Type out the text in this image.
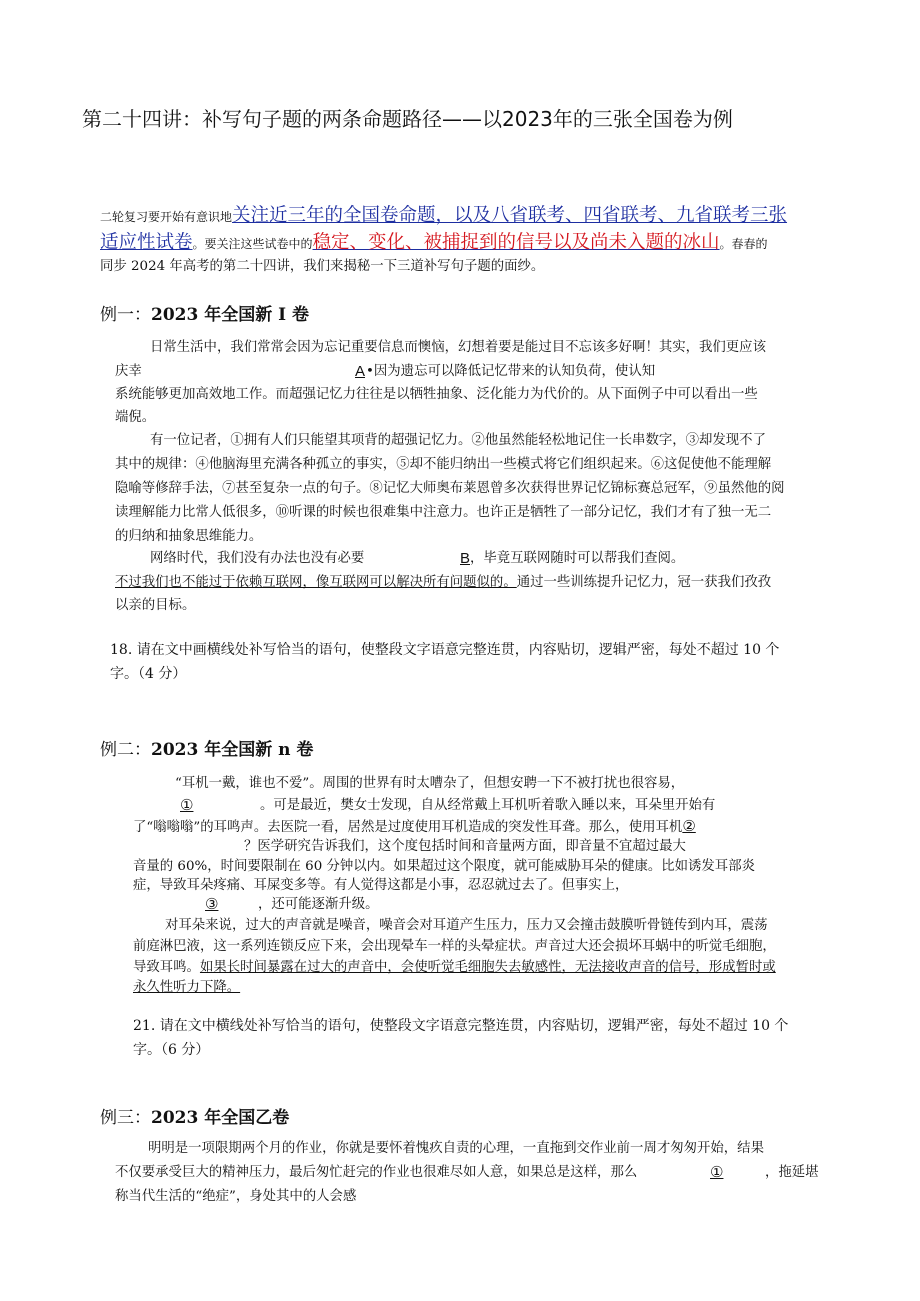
第二十四讲：补写句子题的两条命题路径——以2023年的三张全国卷为例
二轮复习要开始有意识地关注近三年的全国卷命题，以及八省联考、四省联考、九省联考三张
适应性试卷。要关注这些试卷中的稳定、变化、被捕捉到的信号以及尚未入题的冰山。春春的
同步 2024 年高考的第二十四讲，我们来揭秘一下三道补写句子题的面纱。
例一：2023 年全国新 I 卷
日常生活中，我们常常会因为忘记重要信息而懊恼，幻想着要是能过目不忘该多好啊！其实，我们更应该
庆幸	A •因为遗忘可以降低记忆带来的认知负荷，使认知
系统能够更加高效地工作。而超强记忆力往往是以牺牲抽象、泛化能力为代价的。从下面例子中可以看出一些
端倪。
有一位记者，①拥有人们只能望其项背的超强记忆力。②他虽然能轻松地记住一长串数字，③却发现不了
其中的规律：④他脑海里充满各种孤立的事实，⑤却不能归纳出一些模式将它们组织起来。⑥这促使他不能理解
隐喻等修辞手法，⑦甚至复杂一点的句子。⑧记忆大师奥布莱恩曾多次获得世界记忆锦标赛总冠军，⑨虽然他的阅
读理解能力比常人低很多，⑩听课的时候也很难集中注意力。也许正是牺牲了一部分记忆，我们才有了独一无二
的归纳和抽象思维能力。
网络时代，我们没有办法也没有必要	B ，毕竟互联网随时可以帮我们查阅。
不过我们也不能过于依赖互联网，像互联网可以解决所有问题似的。通过一些训练提升记忆力，冠一获我们孜孜
以亲的目标。
18. 请在文中画横线处补写恰当的语句，使整段文字语意完整连贯，内容贴切，逻辑严密，每处不超过 10 个
字。（4 分）
例二：2023 年全国新 n 卷
“耳机一戴，谁也不爱”。周围的世界有时太嘈杂了，但想安聘一下不被打扰也很容易，
①	。可是最近，樊女士发现，自从经常戴上耳机听着歌入睡以来，耳朵里开始有
了“嗡嗡嗡”的耳鸣声。去医院一看，居然是过度使用耳机造成的突发性耳聋。那么，使用耳机②
？医学研究告诉我们，这个度包括时间和音量两方面，即音量不宜超过最大
音量的 60%，时间要限制在 60 分钟以内。如果超过这个限度，就可能威胁耳朵的健康。比如诱发耳部炎
症，导致耳朵疼痛、耳屎变多等。有人觉得这都是小事，忍忍就过去了。但事实上，
③	，还可能逐渐升级。
对耳朵来说，过大的声音就是噪音，噪音会对耳道产生压力，压力又会撞击鼓膜听骨链传到内耳，震荡
前庭淋巴液，这一系列连锁反应下来，会出现晕车一样的头晕症状。声音过大还会损坏耳蜗中的听觉毛细胞，
导致耳鸣。如果长时间暴露在过大的声音中，会使听觉毛细胞失去敏感性，无法接收声音的信号，形成暂时或
永久性听力下降。
21. 请在文中横线处补写恰当的语句，使整段文字语意完整连贯，内容贴切，逻辑严密，每处不超过 10 个
字。（6 分）
例三：2023 年全国乙卷
明明是一项限期两个月的作业，你就是要怀着愧疚自责的心理，一直拖到交作业前一周才匆匆开始，结果
不仅要承受巨大的精神压力，最后匆忙赶完的作业也很难尽如人意，如果总是这样，那么	①	，拖延堪
称当代生活的“绝症”，身处其中的人会感
